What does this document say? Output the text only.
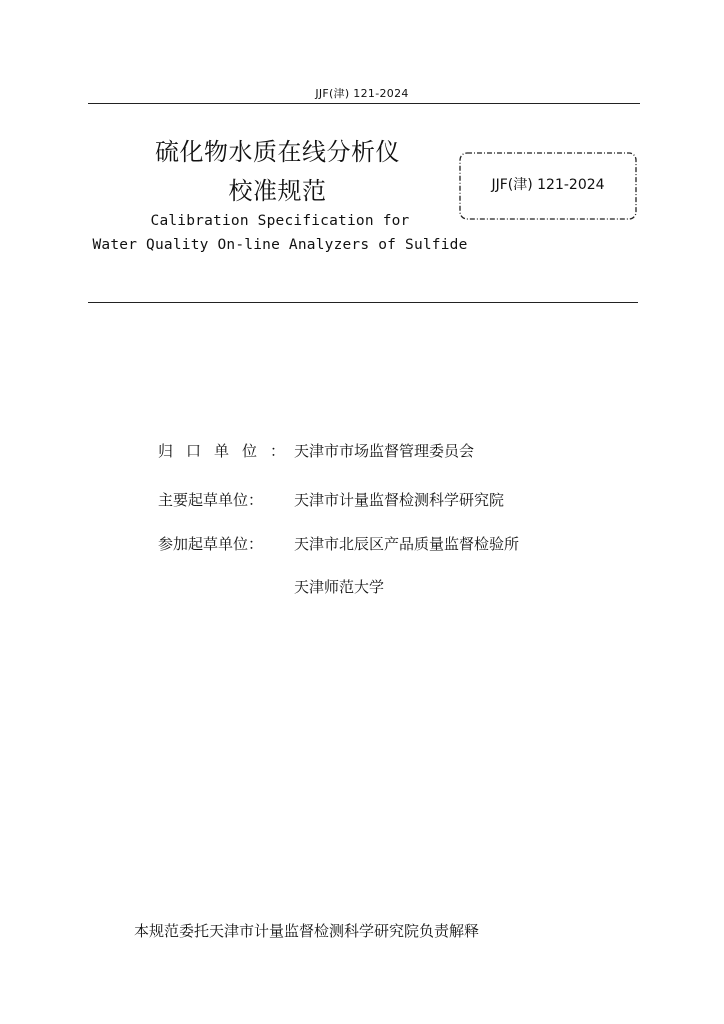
JJF(津) 121-2024
硫化物水质在线分析仪
校准规范
Calibration Specification for
Water Quality On-line Analyzers of Sulfide
JJF(津) 121-2024
归口单位：
天津市市场监督管理委员会
主要起草单位：	天津市计量监督检测科学研究院
参加起草单位：	天津市北辰区产品质量监督检验所
天津师范大学
本规范委托天津市计量监督检测科学研究院负责解释
